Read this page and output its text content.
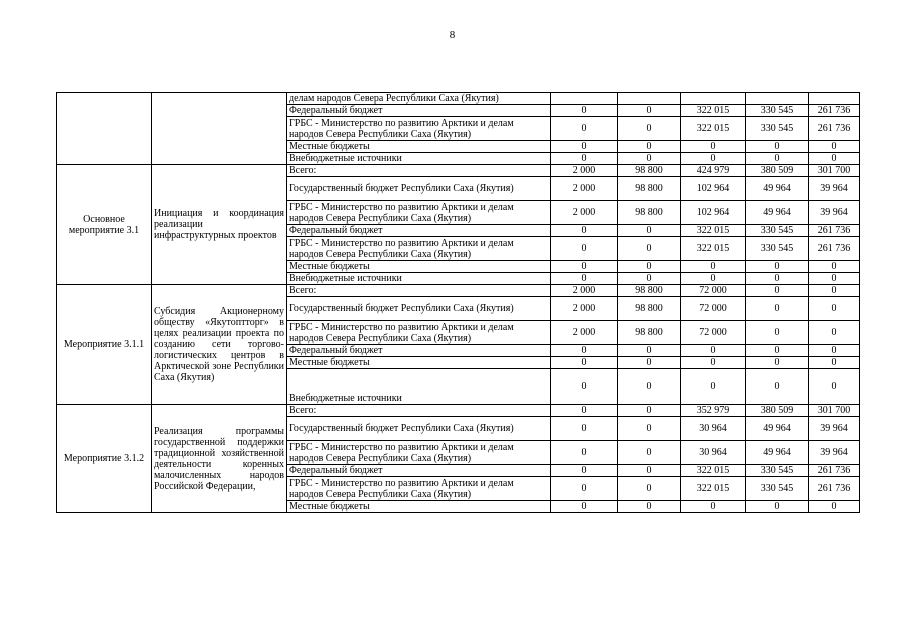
8
		делам народов Севера Республики Саха (Якутия)					
		Федеральный бюджет	0	0	322 015	330 545	261 736
		ГРБС - Министерство по развитию Арктики и делам народов Севера Республики Саха (Якутия)	0	0	322 015	330 545	261 736
		Местные бюджеты	0	0	0	0	0
		Внебюджетные источники	0	0	0	0	0
Основное мероприятие 3.1	Инициация и координация реализации инфраструктурных проектов	Всего:	2 000	98 800	424 979	380 509	301 700
		Государственный бюджет Республики Саха (Якутия)	2 000	98 800	102 964	49 964	39 964
		ГРБС - Министерство по развитию Арктики и делам народов Севера Республики Саха (Якутия)	2 000	98 800	102 964	49 964	39 964
		Федеральный бюджет	0	0	322 015	330 545	261 736
		ГРБС - Министерство по развитию Арктики и делам народов Севера Республики Саха (Якутия)	0	0	322 015	330 545	261 736
		Местные бюджеты	0	0	0	0	0
		Внебюджетные источники	0	0	0	0	0
Мероприятие 3.1.1	Субсидия Акционерному обществу «Якутоптторг» в целях реализации проекта по созданию сети торгово-логистических центров в Арктической зоне Республики Саха (Якутия)	Всего:	2 000	98 800	72 000	0	0
		Государственный бюджет Республики Саха (Якутия)	2 000	98 800	72 000	0	0
		ГРБС - Министерство по развитию Арктики и делам народов Севера Республики Саха (Якутия)	2 000	98 800	72 000	0	0
		Федеральный бюджет	0	0	0	0	0
		Местные бюджеты	0	0	0	0	0
		Внебюджетные источники	0	0	0	0	0
Мероприятие 3.1.2	Реализация программы государственной поддержки традиционной хозяйственной деятельности коренных малочисленных народов Российской Федерации,	Всего:	0	0	352 979	380 509	301 700
		Государственный бюджет Республики Саха (Якутия)	0	0	30 964	49 964	39 964
		ГРБС - Министерство по развитию Арктики и делам народов Севера Республики Саха (Якутия)	0	0	30 964	49 964	39 964
		Федеральный бюджет	0	0	322 015	330 545	261 736
		ГРБС - Министерство по развитию Арктики и делам народов Севера Республики Саха (Якутия)	0	0	322 015	330 545	261 736
		Местные бюджеты	0	0	0	0	0
